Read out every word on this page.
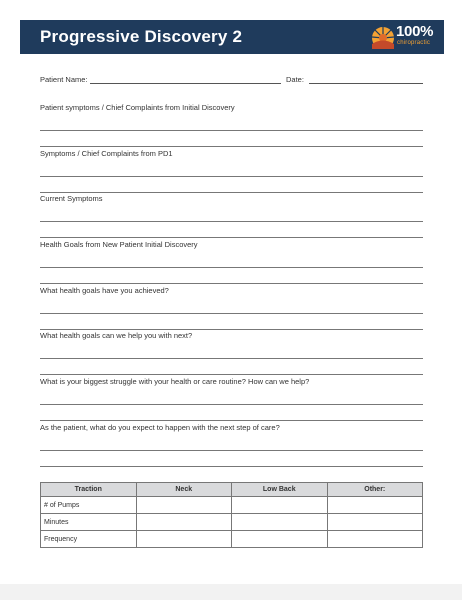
Progressive Discovery 2	100%
chiropractic
Patient Name:	Date:
Patient symptoms / Chief Complaints from Initial Discovery
Symptoms / Chief Complaints from PD1
Current Symptoms
Health Goals from New Patient Initial Discovery
What health goals have you achieved?
What health goals can we help you with next?
What is your biggest struggle with your health or care routine? How can we help?
As the patient, what do you expect to happen with the next step of care?
Traction	Neck	Low Back	Other:
# of Pumps			
Minutes			
Frequency			
